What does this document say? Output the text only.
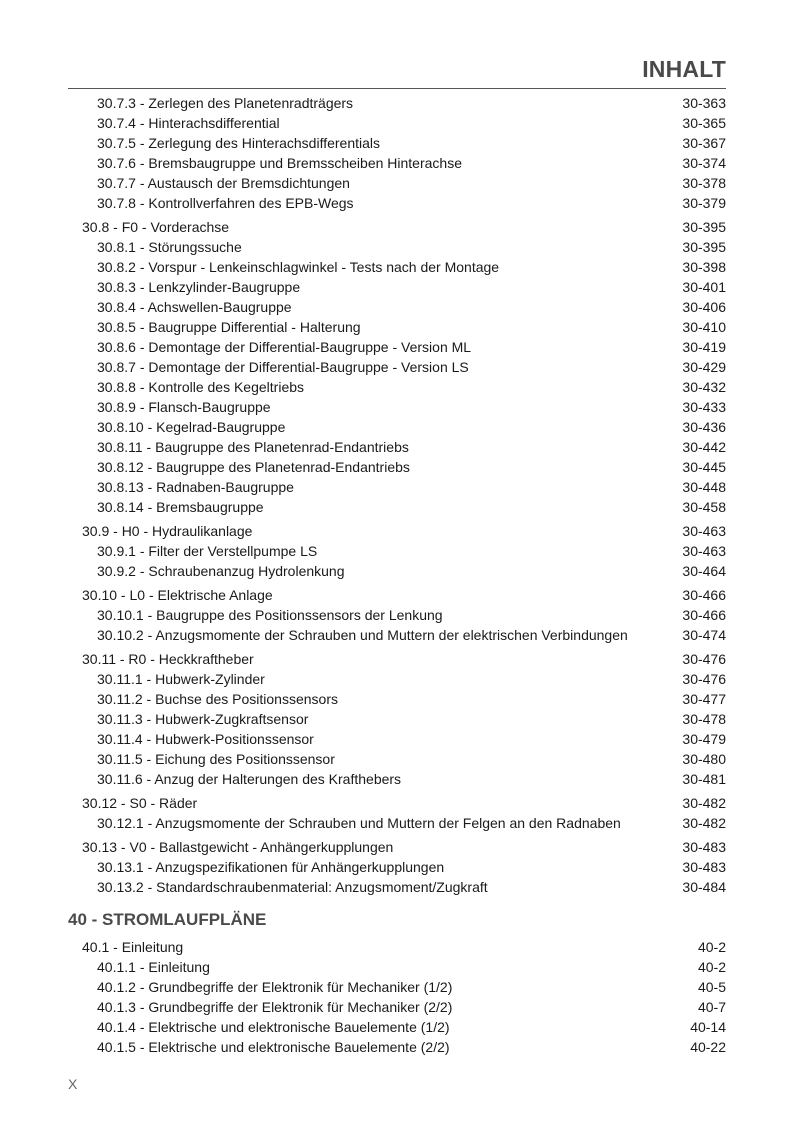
INHALT
30.7.3 - Zerlegen des Planetenradträgers	30-363
30.7.4 - Hinterachsdifferential	30-365
30.7.5 - Zerlegung des Hinterachsdifferentials	30-367
30.7.6 - Bremsbaugruppe und Bremsscheiben Hinterachse	30-374
30.7.7 - Austausch der Bremsdichtungen	30-378
30.7.8 - Kontrollverfahren des EPB-Wegs	30-379
30.8 - F0 - Vorderachse	30-395
30.8.1 - Störungssuche	30-395
30.8.2 - Vorspur - Lenkeinschlagwinkel - Tests nach der Montage	30-398
30.8.3 - Lenkzylinder-Baugruppe	30-401
30.8.4 - Achswellen-Baugruppe	30-406
30.8.5 - Baugruppe Differential - Halterung	30-410
30.8.6 - Demontage der Differential-Baugruppe - Version ML	30-419
30.8.7 - Demontage der Differential-Baugruppe - Version LS	30-429
30.8.8 - Kontrolle des Kegeltriebs	30-432
30.8.9 - Flansch-Baugruppe	30-433
30.8.10 - Kegelrad-Baugruppe	30-436
30.8.11 - Baugruppe des Planetenrad-Endantriebs	30-442
30.8.12 - Baugruppe des Planetenrad-Endantriebs	30-445
30.8.13 - Radnaben-Baugruppe	30-448
30.8.14 - Bremsbaugruppe	30-458
30.9 - H0 - Hydraulikanlage	30-463
30.9.1 - Filter der Verstellpumpe LS	30-463
30.9.2 - Schraubenanzug Hydrolenkung	30-464
30.10 - L0 - Elektrische Anlage	30-466
30.10.1 - Baugruppe des Positionssensors der Lenkung	30-466
30.10.2 - Anzugsmomente der Schrauben und Muttern der elektrischen Verbindungen	30-474
30.11 - R0 - Heckkraftheber	30-476
30.11.1 - Hubwerk-Zylinder	30-476
30.11.2 - Buchse des Positionssensors	30-477
30.11.3 - Hubwerk-Zugkraftsensor	30-478
30.11.4 - Hubwerk-Positionssensor	30-479
30.11.5 - Eichung des Positionssensor	30-480
30.11.6 - Anzug der Halterungen des Krafthebers	30-481
30.12 - S0 - Räder	30-482
30.12.1 - Anzugsmomente der Schrauben und Muttern der Felgen an den Radnaben	30-482
30.13 - V0 - Ballastgewicht - Anhängerkupplungen	30-483
30.13.1 - Anzugspezifikationen für Anhängerkupplungen	30-483
30.13.2 - Standardschraubenmaterial: Anzugsmoment/Zugkraft	30-484
40 - STROMLAUFPLÄNE
40.1 - Einleitung	40-2
40.1.1 - Einleitung	40-2
40.1.2 - Grundbegriffe der Elektronik für Mechaniker (1/2)	40-5
40.1.3 - Grundbegriffe der Elektronik für Mechaniker (2/2)	40-7
40.1.4 - Elektrische und elektronische Bauelemente (1/2)	40-14
40.1.5 - Elektrische und elektronische Bauelemente (2/2)	40-22
X
